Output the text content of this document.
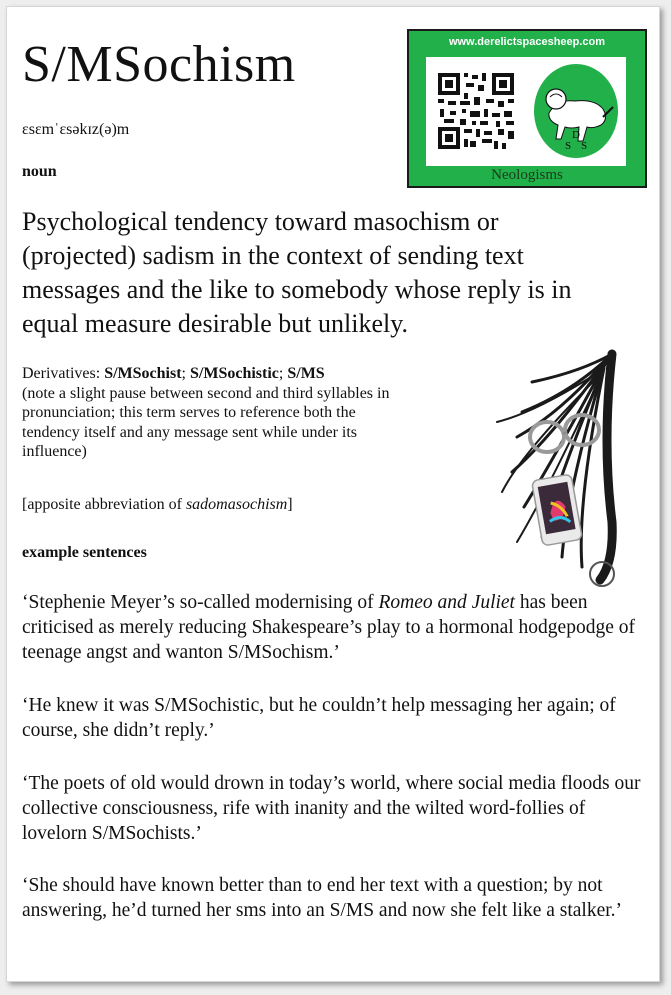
S/MSochism
ɛsɛmˈɛsəkɪz(ə)m
noun
Psychological tendency toward masochism or (projected) sadism in the context of sending text messages and the like to somebody whose reply is in equal measure desirable but unlikely.
Derivatives: S/MSochist; S/MSochistic; S/MS
(note a slight pause between second and third syllables in pronunciation; this term serves to reference both the tendency itself and any message sent while under its influence)
[apposite abbreviation of sadomasochism]
example sentences
‘Stephenie Meyer’s so-called modernising of Romeo and Juliet has been criticised as merely reducing Shakespeare’s play to a hormonal hodgepodge of teenage angst and wanton S/MSochism.’
‘He knew it was S/MSochistic, but he couldn’t help messaging her again; of course, she didn’t reply.’
‘The poets of old would drown in today’s world, where social media floods our collective consciousness, rife with inanity and the wilted word-follies of lovelorn S/MSochists.’
‘She should have known better than to end her text with a question; by not answering, he’d turned her sms into an S/MS and now she felt like a stalker.’
www.derelictspacesheep.com
D
S S
Neologisms
